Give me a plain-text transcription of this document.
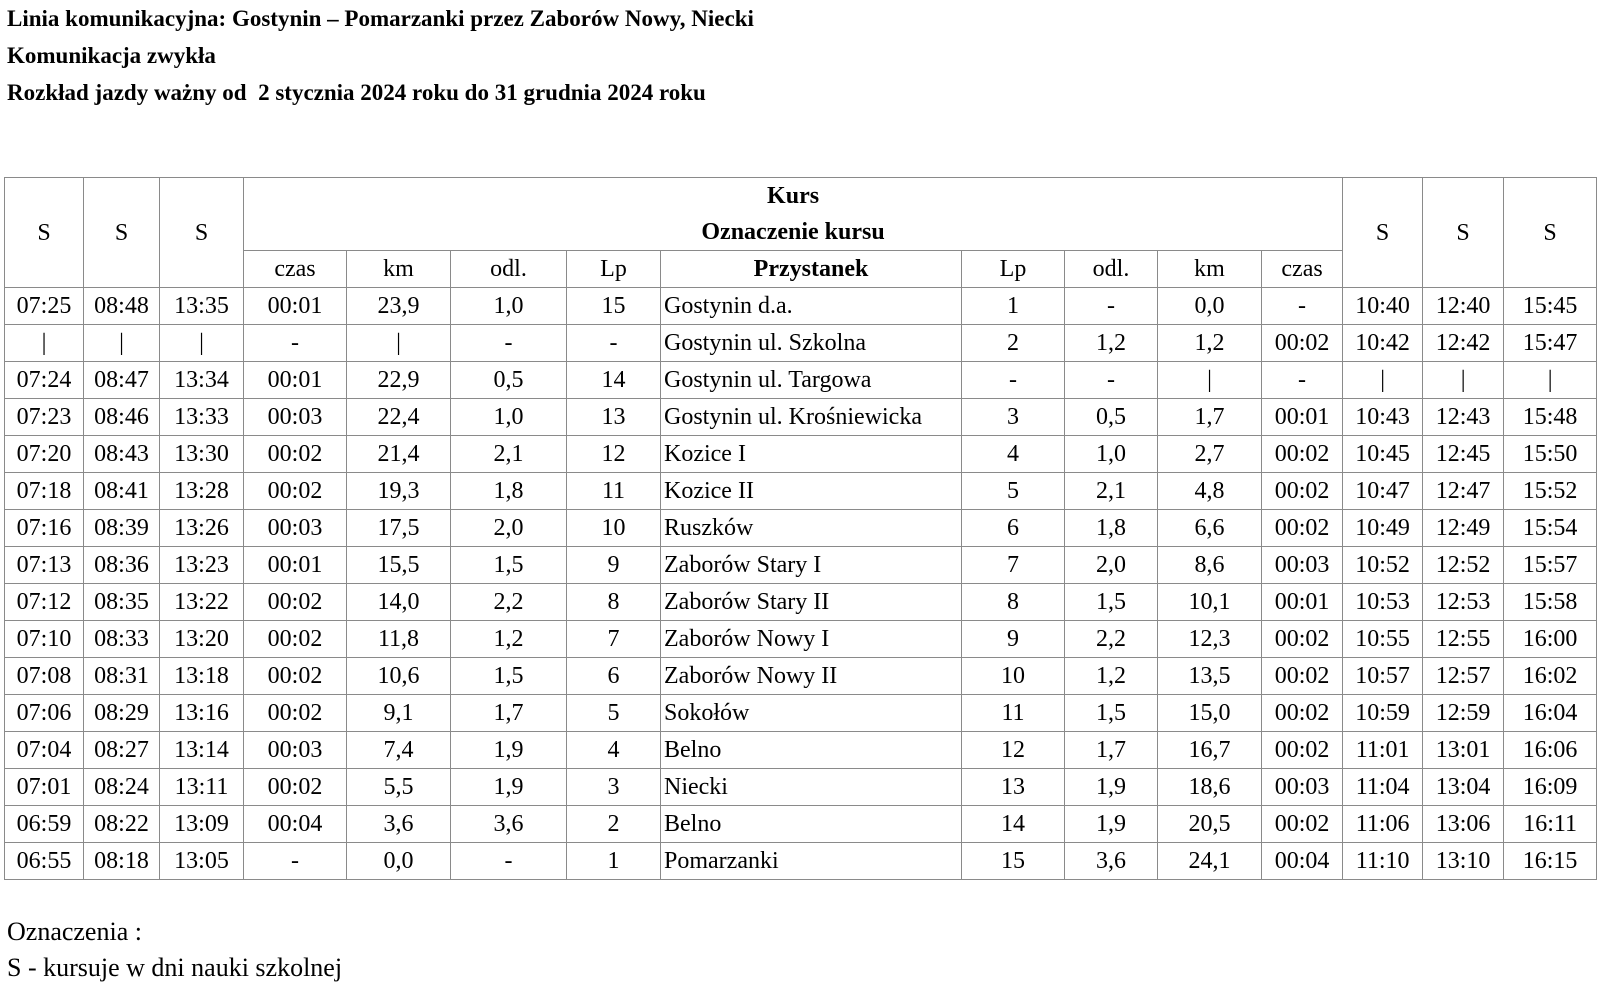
Linia komunikacyjna: Gostynin – Pomarzanki przez Zaborów Nowy, Niecki
Komunikacja zwykła
Rozkład jazdy ważny od  2 stycznia 2024 roku do 31 grudnia 2024 roku
S	S	S	Kurs
Oznaczenie kursu									S	S	S
			czas	km	odl.	Lp	Przystanek	Lp	odl.	km	czas			
07:25	08:48	13:35	00:01	23,9	1,0	15	Gostynin d.a.	1	-	0,0	-	10:40	12:40	15:45
|	|	|	-	|	-	-	Gostynin ul. Szkolna	2	1,2	1,2	00:02	10:42	12:42	15:47
07:24	08:47	13:34	00:01	22,9	0,5	14	Gostynin ul. Targowa	-	-	|	-	|	|	|
07:23	08:46	13:33	00:03	22,4	1,0	13	Gostynin ul. Krośniewicka	3	0,5	1,7	00:01	10:43	12:43	15:48
07:20	08:43	13:30	00:02	21,4	2,1	12	Kozice I	4	1,0	2,7	00:02	10:45	12:45	15:50
07:18	08:41	13:28	00:02	19,3	1,8	11	Kozice II	5	2,1	4,8	00:02	10:47	12:47	15:52
07:16	08:39	13:26	00:03	17,5	2,0	10	Ruszków	6	1,8	6,6	00:02	10:49	12:49	15:54
07:13	08:36	13:23	00:01	15,5	1,5	9	Zaborów Stary I	7	2,0	8,6	00:03	10:52	12:52	15:57
07:12	08:35	13:22	00:02	14,0	2,2	8	Zaborów Stary II	8	1,5	10,1	00:01	10:53	12:53	15:58
07:10	08:33	13:20	00:02	11,8	1,2	7	Zaborów Nowy I	9	2,2	12,3	00:02	10:55	12:55	16:00
07:08	08:31	13:18	00:02	10,6	1,5	6	Zaborów Nowy II	10	1,2	13,5	00:02	10:57	12:57	16:02
07:06	08:29	13:16	00:02	9,1	1,7	5	Sokołów	11	1,5	15,0	00:02	10:59	12:59	16:04
07:04	08:27	13:14	00:03	7,4	1,9	4	Belno	12	1,7	16,7	00:02	11:01	13:01	16:06
07:01	08:24	13:11	00:02	5,5	1,9	3	Niecki	13	1,9	18,6	00:03	11:04	13:04	16:09
06:59	08:22	13:09	00:04	3,6	3,6	2	Belno	14	1,9	20,5	00:02	11:06	13:06	16:11
06:55	08:18	13:05	-	0,0	-	1	Pomarzanki	15	3,6	24,1	00:04	11:10	13:10	16:15
Oznaczenia :
S - kursuje w dni nauki szkolnej
